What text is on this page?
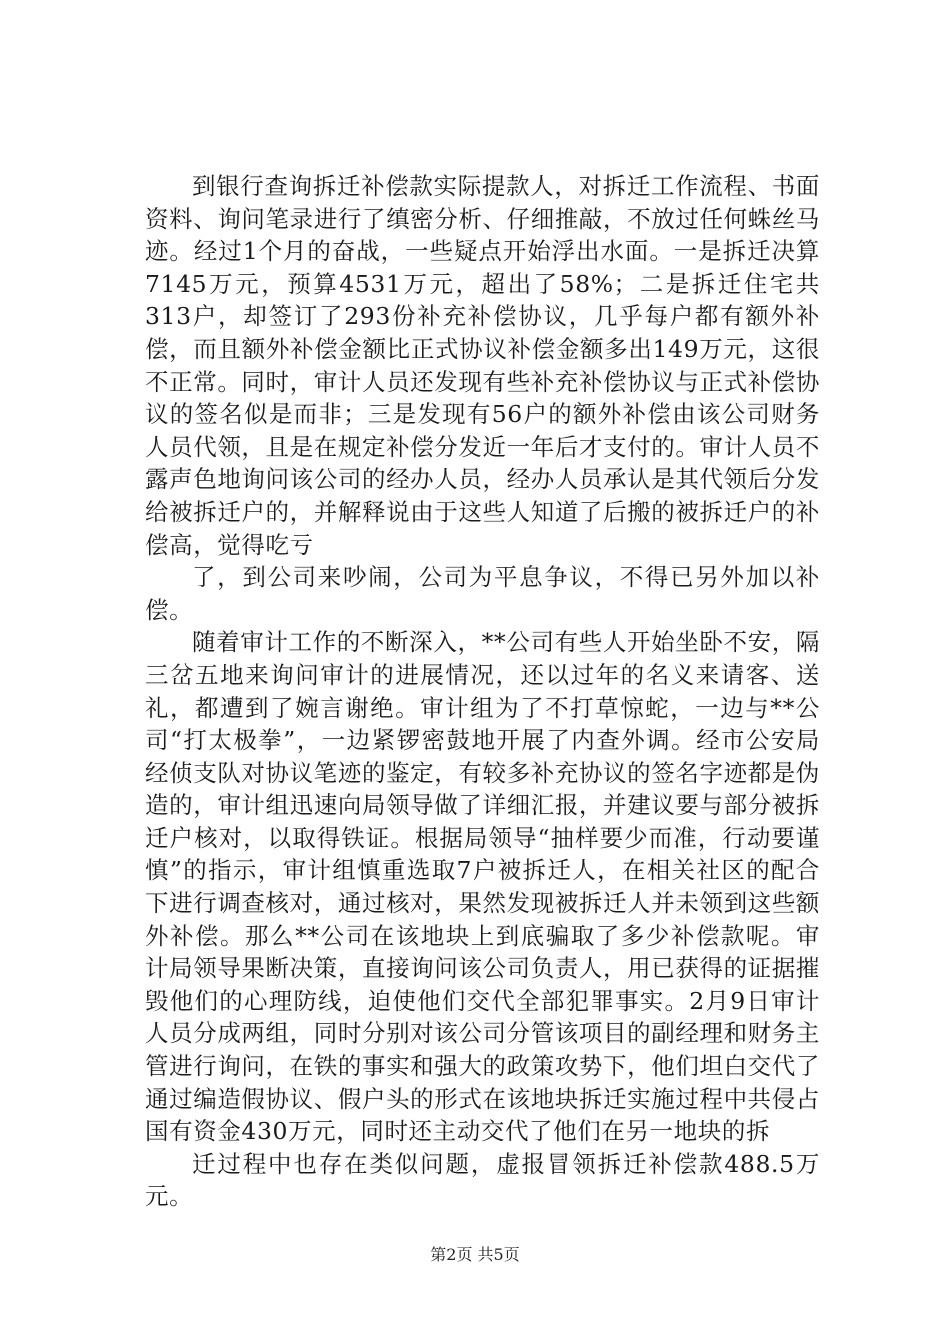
到银行查询拆迁补偿款实际提款人，对拆迁工作流程、书面资料、询问笔录进行了缜密分析、仔细推敲，不放过任何蛛丝马迹。经过1个月的奋战，一些疑点开始浮出水面。一是拆迁决算7145万元，预算4531万元，超出了58%；二是拆迁住宅共313户，却签订了293份补充补偿协议，几乎每户都有额外补偿，而且额外补偿金额比正式协议补偿金额多出149万元，这很不正常。同时，审计人员还发现有些补充补偿协议与正式补偿协议的签名似是而非；三是发现有56户的额外补偿由该公司财务人员代领，且是在规定补偿分发近一年后才支付的。审计人员不露声色地询问该公司的经办人员，经办人员承认是其代领后分发给被拆迁户的，并解释说由于这些人知道了后搬的被拆迁户的补偿高，觉得吃亏

了，到公司来吵闹，公司为平息争议，不得已另外加以补偿。

随着审计工作的不断深入，**公司有些人开始坐卧不安，隔三岔五地来询问审计的进展情况，还以过年的名义来请客、送礼，都遭到了婉言谢绝。审计组为了不打草惊蛇，一边与**公司“打太极拳”，一边紧锣密鼓地开展了内查外调。经市公安局经侦支队对协议笔迹的鉴定，有较多补充协议的签名字迹都是伪造的，审计组迅速向局领导做了详细汇报，并建议要与部分被拆迁户核对，以取得铁证。根据局领导“抽样要少而准，行动要谨慎”的指示，审计组慎重选取7户被拆迁人，在相关社区的配合下进行调查核对，通过核对，果然发现被拆迁人并未领到这些额外补偿。那么**公司在该地块上到底骗取了多少补偿款呢。审计局领导果断决策，直接询问该公司负责人，用已获得的证据摧毁他们的心理防线，迫使他们交代全部犯罪事实。2月9日审计人员分成两组，同时分别对该公司分管该项目的副经理和财务主管进行询问，在铁的事实和强大的政策攻势下，他们坦白交代了通过编造假协议、假户头的形式在该地块拆迁实施过程中共侵占国有资金430万元，同时还主动交代了他们在另一地块的拆

迁过程中也存在类似问题，虚报冒领拆迁补偿款488.5万元。

第2页 共5页
